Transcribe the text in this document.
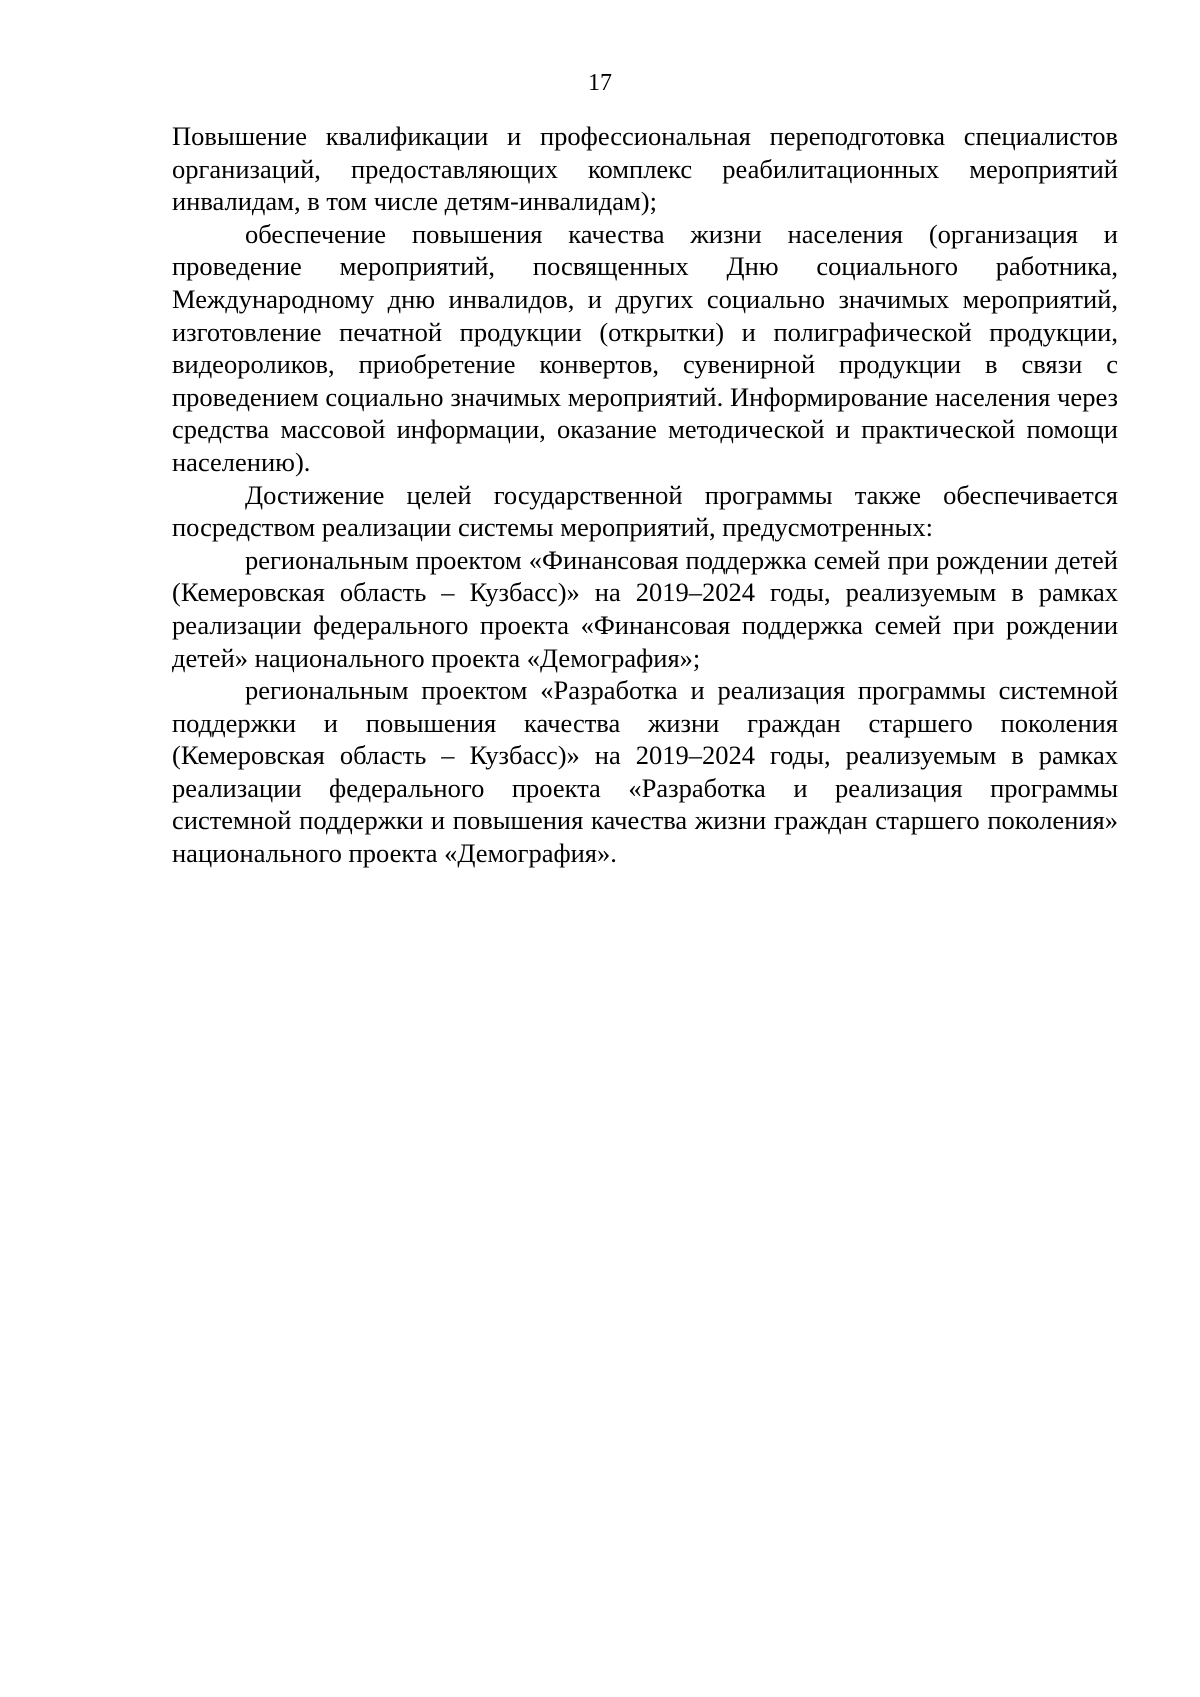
17

Повышение квалификации и профессиональная переподготовка специалистов организаций, предоставляющих комплекс реабилитационных мероприятий инвалидам, в том числе детям-инвалидам);

обеспечение повышения качества жизни населения (организация и проведение мероприятий, посвященных Дню социального работника, Международному дню инвалидов, и других социально значимых мероприятий, изготовление печатной продукции (открытки) и полиграфической продукции, видеороликов, приобретение конвертов, сувенирной продукции в связи с проведением социально значимых мероприятий. Информирование населения через средства массовой информации, оказание методической и практической помощи населению).

Достижение целей государственной программы также обеспечивается посредством реализации системы мероприятий, предусмотренных:

региональным проектом «Финансовая поддержка семей при рождении детей (Кемеровская область – Кузбасс)» на 2019–2024 годы, реализуемым в рамках реализации федерального проекта «Финансовая поддержка семей при рождении детей» национального проекта «Демография»;

региональным проектом «Разработка и реализация программы системной поддержки и повышения качества жизни граждан старшего поколения (Кемеровская область – Кузбасс)» на 2019–2024 годы, реализуемым в рамках реализации федерального проекта «Разработка и реализация программы системной поддержки и повышения качества жизни граждан старшего поколения» национального проекта «Демография».
